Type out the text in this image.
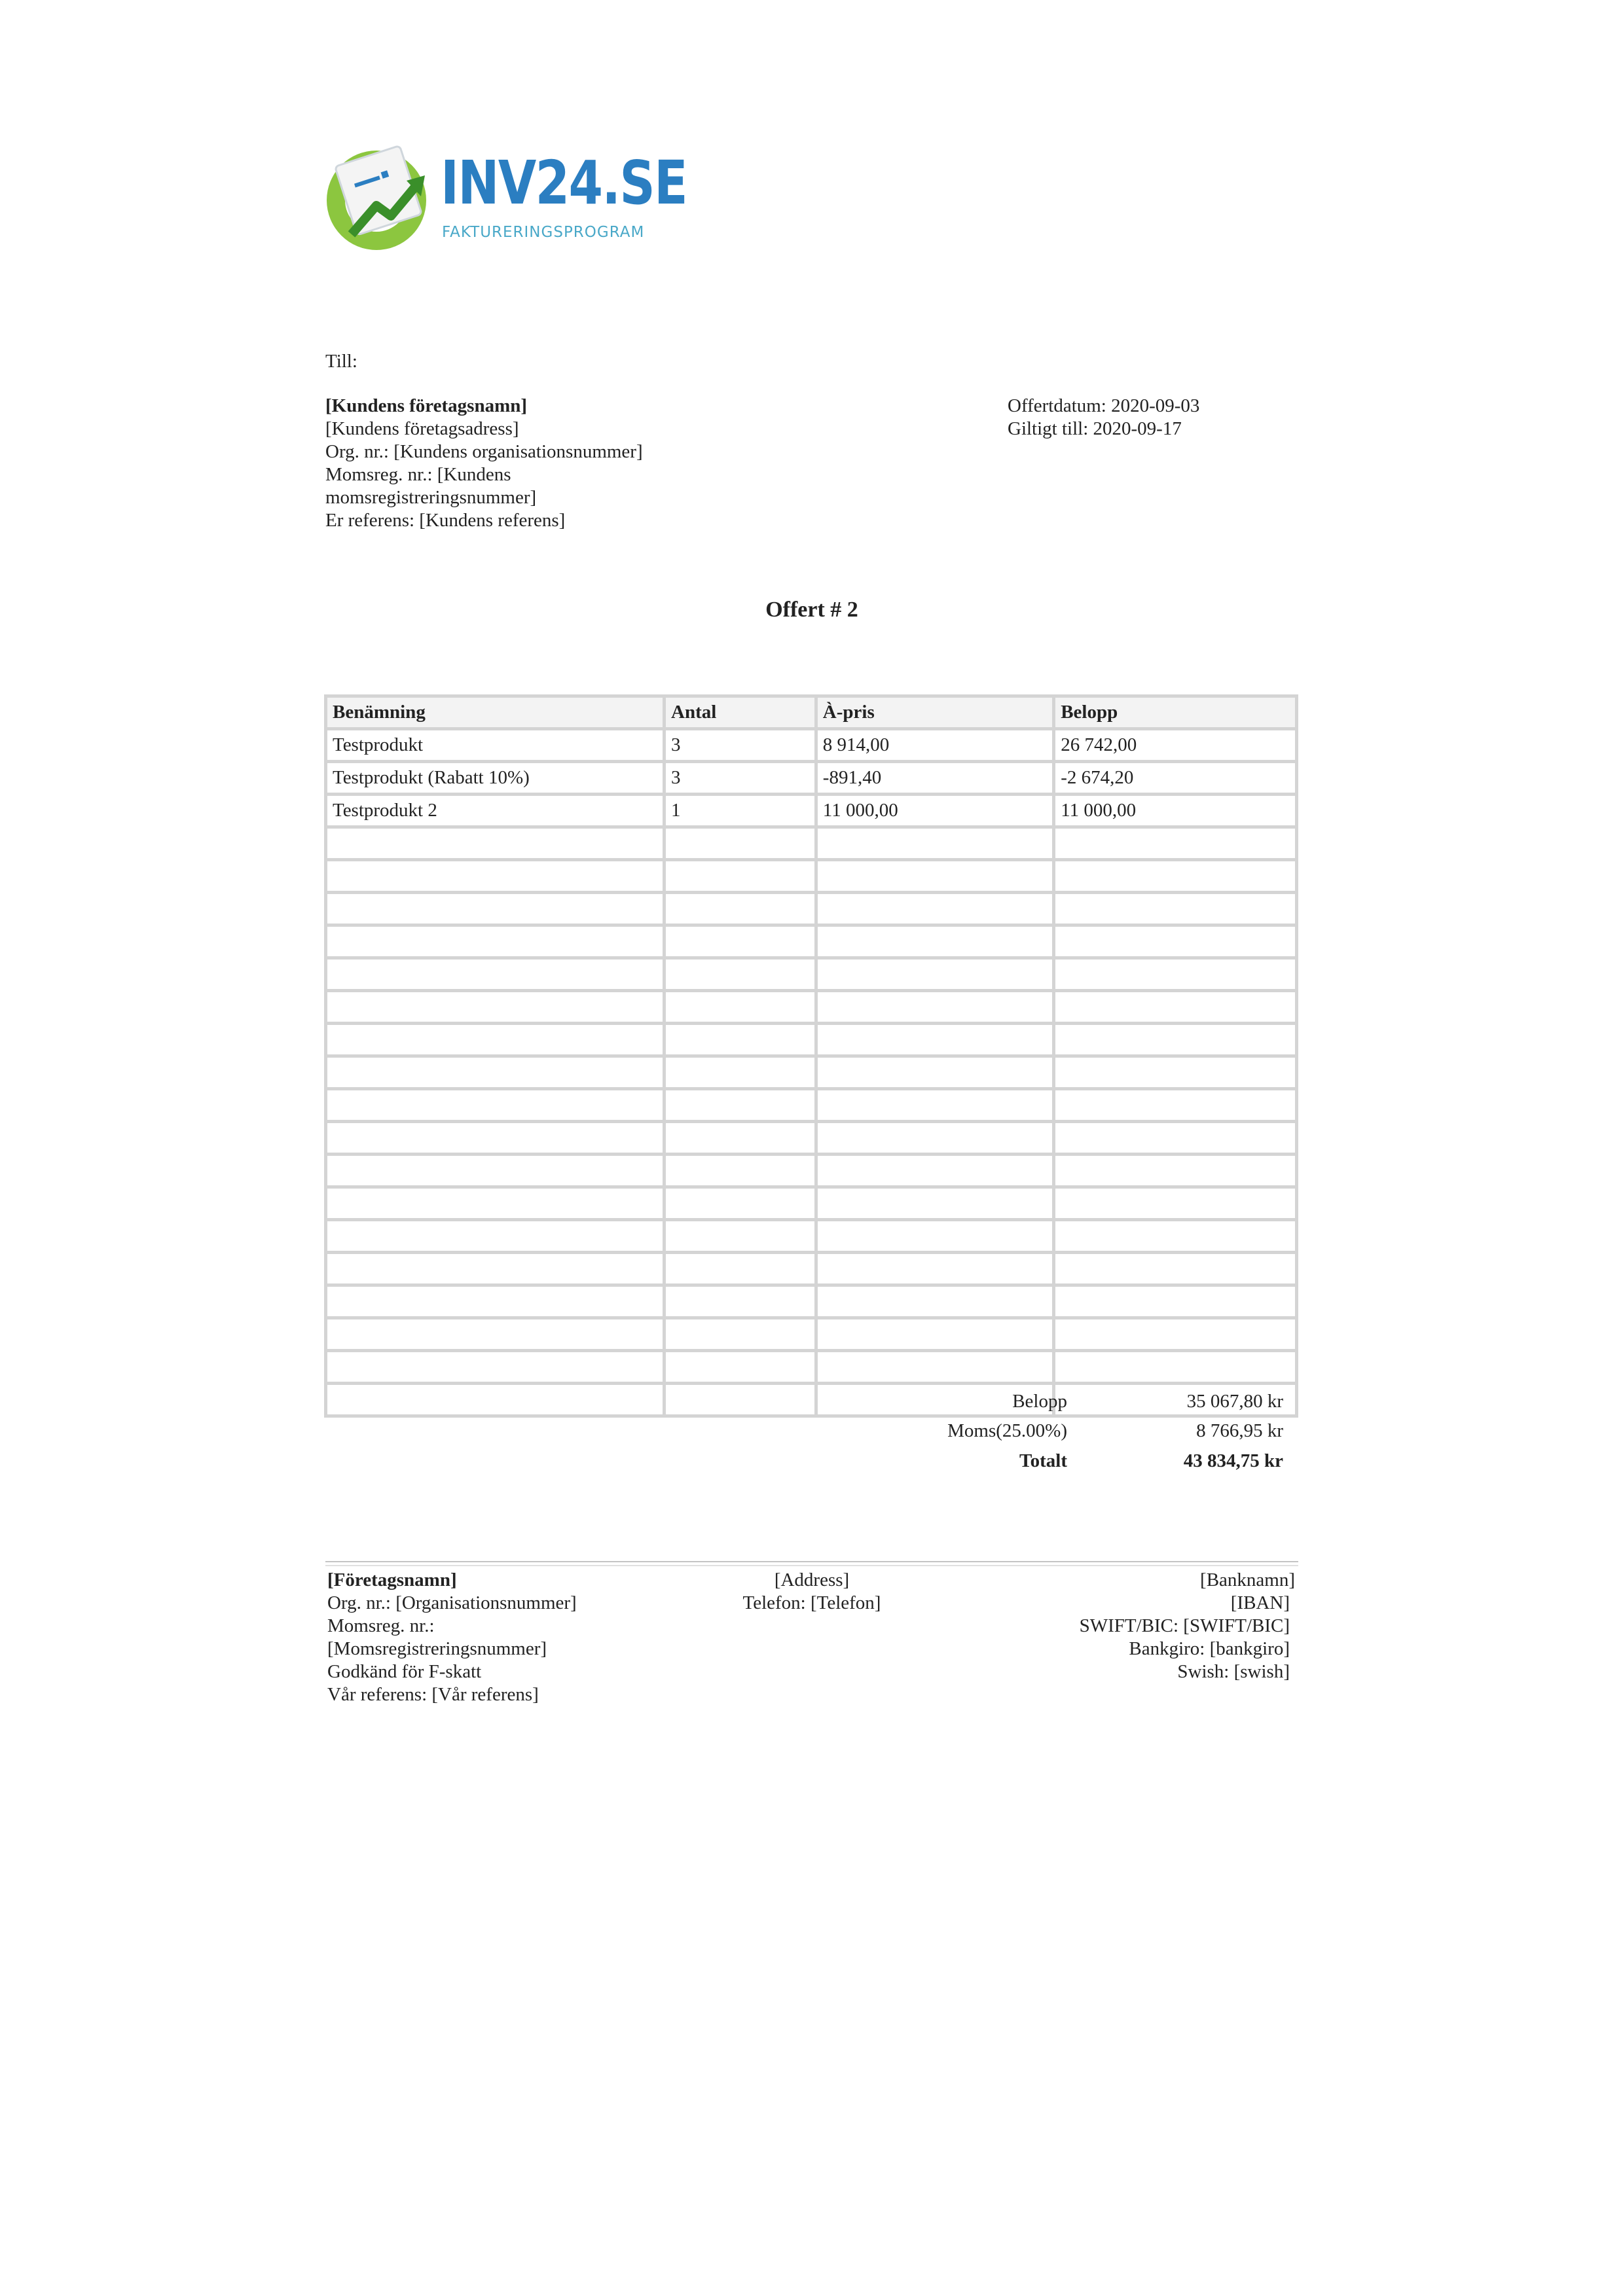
INV24.SE
FAKTURERINGSPROGRAM
Till:
[Kundens företagsnamn]
[Kundens företagsadress]
Org. nr.: [Kundens organisationsnummer]
Momsreg. nr.: [Kundens
momsregistreringsnummer]
Er referens: [Kundens referens]
Offertdatum: 2020-09-03
Giltigt till: 2020-09-17
Offert # 2
Benämning	Antal	À-pris	Belopp
Testprodukt	3	8 914,00	26 742,00
Testprodukt (Rabatt 10%)	3	-891,40	-2 674,20
Testprodukt 2	1	11 000,00	11 000,00

Belopp	35 067,80 kr
Moms(25.00%)	8 766,95 kr
Totalt	43 834,75 kr
[Företagsnamn]
Org. nr.: [Organisationsnummer]
Momsreg. nr.:
[Momsregistreringsnummer]
Godkänd för F-skatt
Vår referens: [Vår referens]
[Address]
Telefon: [Telefon]
[Banknamn]
[IBAN]
SWIFT/BIC: [SWIFT/BIC]
Bankgiro: [bankgiro]
Swish: [swish]
